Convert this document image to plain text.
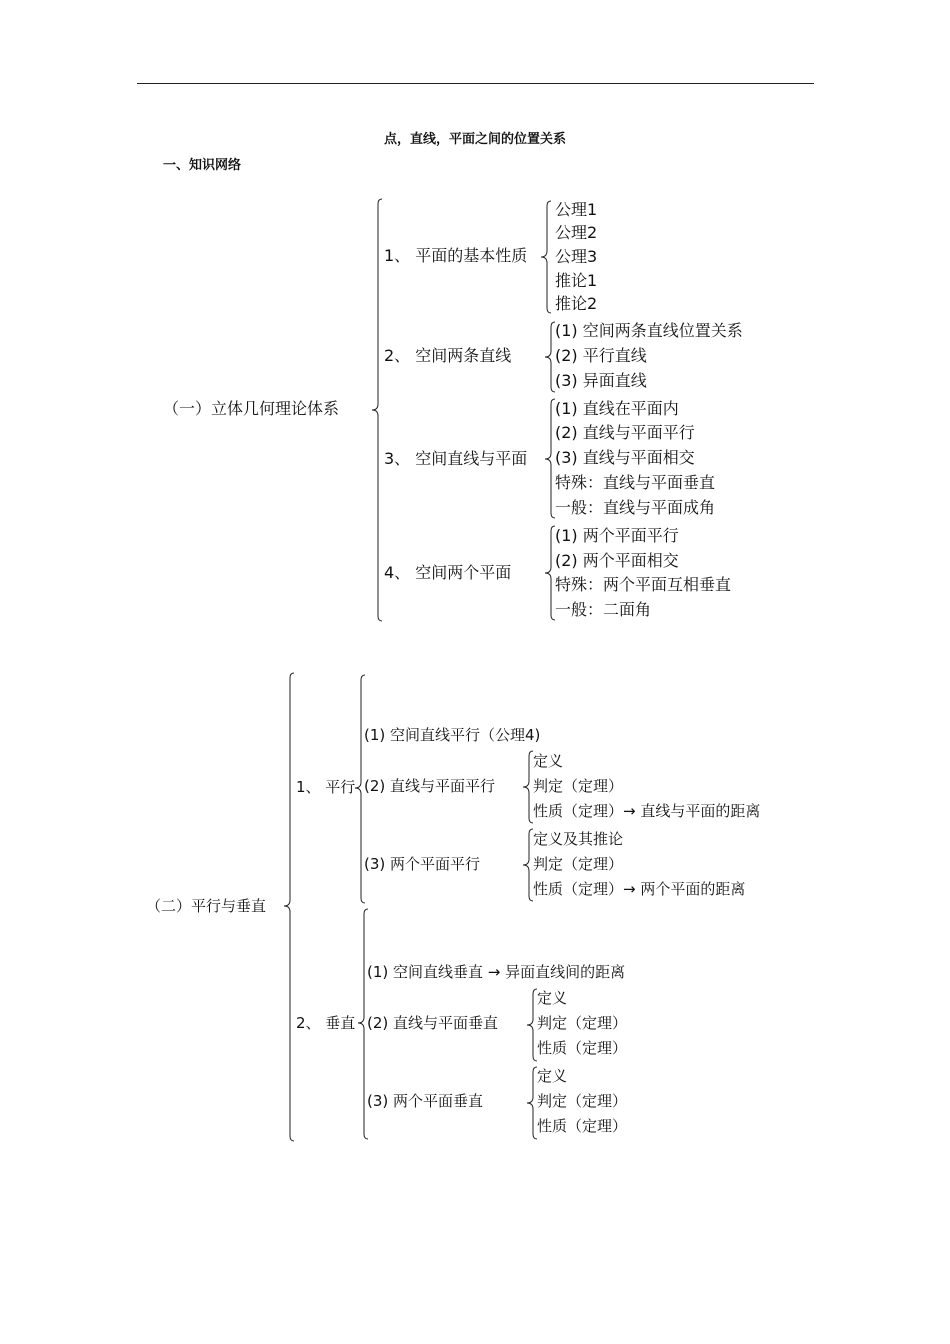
点，直线，平面之间的位置关系
一、知识网络
（一）立体几何理论体系
1、 平面的基本性质
公理1
公理2
公理3
推论1
推论2
2、 空间两条直线
(1) 空间两条直线位置关系
(2) 平行直线
(3) 异面直线
3、 空间直线与平面
(1) 直线在平面内
(2) 直线与平面平行
(3) 直线与平面相交
特殊：直线与平面垂直
一般：直线与平面成角
4、 空间两个平面
(1) 两个平面平行
(2) 两个平面相交
特殊：两个平面互相垂直
一般：二面角
（二）平行与垂直
1、 平行
(1) 空间直线平行（公理4)
(2) 直线与平面平行
定义
判定（定理）
性质（定理）→ 直线与平面的距离
(3) 两个平面平行
定义及其推论
判定（定理）
性质（定理）→ 两个平面的距离
2、 垂直
(1) 空间直线垂直 → 异面直线间的距离
(2) 直线与平面垂直
定义
判定（定理）
性质（定理）
(3) 两个平面垂直
定义
判定（定理）
性质（定理）
